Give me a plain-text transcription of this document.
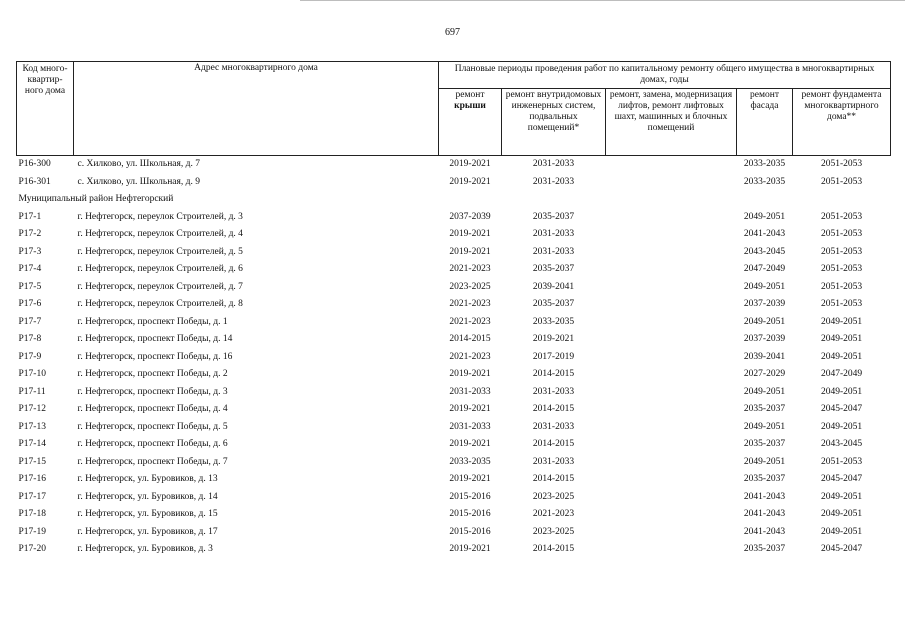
697
Код много-квартир-ного дома	Адрес многоквартирного дома	Плановые периоды проведения работ по капитальному ремонту общего имущества в многоквартирных домах, годы				
		ремонт
крыши	ремонт внутридомовых инженерных систем, подвальных помещений*	ремонт, замена, модернизация лифтов, ремонт лифтовых шахт, машинных и блочных помещений	ремонт фасада	ремонт фундамента многоквартирного дома**
Р16-300	с. Хилково, ул. Школьная, д. 7	2019-2021	2031-2033		2033-2035	2051-2053
Р16-301	с. Хилково, ул. Школьная, д. 9	2019-2021	2031-2033		2033-2035	2051-2053
Муниципальный район Нефтегорский						
Р17-1	г. Нефтегорск, переулок Строителей, д. 3	2037-2039	2035-2037		2049-2051	2051-2053
Р17-2	г. Нефтегорск, переулок Строителей, д. 4	2019-2021	2031-2033		2041-2043	2051-2053
Р17-3	г. Нефтегорск, переулок Строителей, д. 5	2019-2021	2031-2033		2043-2045	2051-2053
Р17-4	г. Нефтегорск, переулок Строителей, д. 6	2021-2023	2035-2037		2047-2049	2051-2053
Р17-5	г. Нефтегорск, переулок Строителей, д. 7	2023-2025	2039-2041		2049-2051	2051-2053
Р17-6	г. Нефтегорск, переулок Строителей, д. 8	2021-2023	2035-2037		2037-2039	2051-2053
Р17-7	г. Нефтегорск, проспект Победы, д. 1	2021-2023	2033-2035		2049-2051	2049-2051
Р17-8	г. Нефтегорск, проспект Победы, д. 14	2014-2015	2019-2021		2037-2039	2049-2051
Р17-9	г. Нефтегорск, проспект Победы, д. 16	2021-2023	2017-2019		2039-2041	2049-2051
Р17-10	г. Нефтегорск, проспект Победы, д. 2	2019-2021	2014-2015		2027-2029	2047-2049
Р17-11	г. Нефтегорск, проспект Победы, д. 3	2031-2033	2031-2033		2049-2051	2049-2051
Р17-12	г. Нефтегорск, проспект Победы, д. 4	2019-2021	2014-2015		2035-2037	2045-2047
Р17-13	г. Нефтегорск, проспект Победы, д. 5	2031-2033	2031-2033		2049-2051	2049-2051
Р17-14	г. Нефтегорск, проспект Победы, д. 6	2019-2021	2014-2015		2035-2037	2043-2045
Р17-15	г. Нефтегорск, проспект Победы, д. 7	2033-2035	2031-2033		2049-2051	2051-2053
Р17-16	г. Нефтегорск, ул. Буровиков, д. 13	2019-2021	2014-2015		2035-2037	2045-2047
Р17-17	г. Нефтегорск, ул. Буровиков, д. 14	2015-2016	2023-2025		2041-2043	2049-2051
Р17-18	г. Нефтегорск, ул. Буровиков, д. 15	2015-2016	2021-2023		2041-2043	2049-2051
Р17-19	г. Нефтегорск, ул. Буровиков, д. 17	2015-2016	2023-2025		2041-2043	2049-2051
Р17-20	г. Нефтегорск, ул. Буровиков, д. 3	2019-2021	2014-2015		2035-2037	2045-2047
